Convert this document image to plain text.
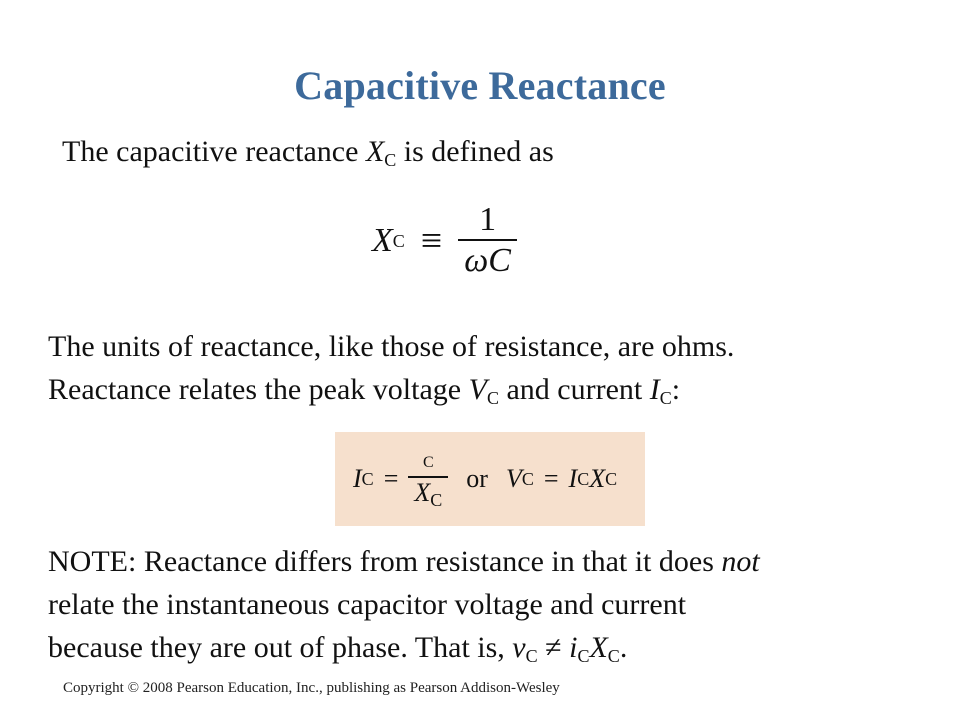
Capacitive Reactance
The capacitive reactance $X_C$ is defined as
X $C \equiv \frac{1}{\omega C}$
The units of reactance, like those of resistance, are ohms.
Reactance relates the peak voltage $V_C$ and current $I_C$:
I $C = \frac{C}{X_C}$ or V C = I C X C
NOTE: Reactance differs from resistance in that it does not
relate the instantaneous capacitor voltage and current
because they are out of phase. That is, $v_C \ne i_CX_C$.
Copyright © 2008 Pearson Education, Inc., publishing as Pearson Addison-Wesley
